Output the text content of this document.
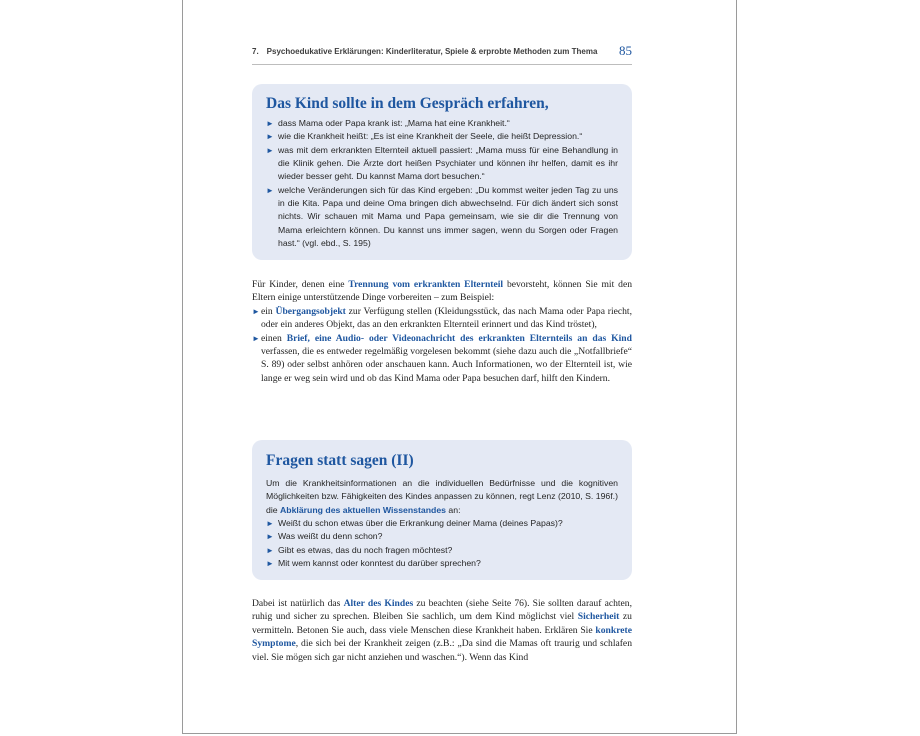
7. Psychoedukative Erklärungen: Kinderliteratur, Spiele & erprobte Methoden zum Thema 85
Das Kind sollte in dem Gespräch erfahren,
► dass Mama oder Papa krank ist: „Mama hat eine Krankheit.“
► wie die Krankheit heißt: „Es ist eine Krankheit der Seele, die heißt Depression.“
► was mit dem erkrankten Elternteil aktuell passiert: „Mama muss für eine Behandlung in die Klinik gehen. Die Ärzte dort heißen Psychiater und können ihr helfen, damit es ihr wieder besser geht. Du kannst Mama dort besuchen.“
► welche Veränderungen sich für das Kind ergeben: „Du kommst weiter jeden Tag zu uns in die Kita. Papa und deine Oma bringen dich abwechselnd. Für dich ändert sich sonst nichts. Wir schauen mit Mama und Papa gemeinsam, wie sie dir die Trennung von Mama erleichtern können. Du kannst uns immer sagen, wenn du Sorgen oder Fragen hast.“ (vgl. ebd., S. 195)

Für Kinder, denen eine Trennung vom erkrankten Elternteil bevorsteht, können Sie mit den Eltern einige unterstützende Dinge vorbereiten – zum Beispiel:

► ein Übergangsobjekt zur Verfügung stellen (Kleidungsstück, das nach Mama oder Papa riecht, oder ein anderes Objekt, das an den erkrankten Elternteil erinnert und das Kind tröstet),
► einen Brief, eine Audio- oder Videonachricht des erkrankten Elternteils an das Kind verfassen, die es entweder regelmäßig vorgelesen bekommt (siehe dazu auch die „Notfallbriefe“ S. 89) oder selbst anhören oder anschauen kann. Auch Informationen, wo der Elternteil ist, wie lange er weg sein wird und ob das Kind Mama oder Papa besuchen darf, hilft den Kindern.
Fragen statt sagen (II)

Um die Krankheitsinformationen an die individuellen Bedürfnisse und die kognitiven Möglichkeiten bzw. Fähigkeiten des Kindes anpassen zu können, regt Lenz (2010, S. 196f.) die Abklärung des aktuellen Wissenstandes an:

► Weißt du schon etwas über die Erkrankung deiner Mama (deines Papas)?
► Was weißt du denn schon?
► Gibt es etwas, das du noch fragen möchtest?
► Mit wem kannst oder konntest du darüber sprechen?

Dabei ist natürlich das Alter des Kindes zu beachten (siehe Seite 76). Sie sollten darauf achten, ruhig und sicher zu sprechen. Bleiben Sie sachlich, um dem Kind möglichst viel Sicherheit zu vermitteln. Betonen Sie auch, dass viele Menschen diese Krankheit haben. Erklären Sie konkrete Symptome, die sich bei der Krankheit zeigen (z.B.: „Da sind die Mamas oft traurig und schlafen viel. Sie mögen sich gar nicht anziehen und waschen.“). Wenn das Kind
